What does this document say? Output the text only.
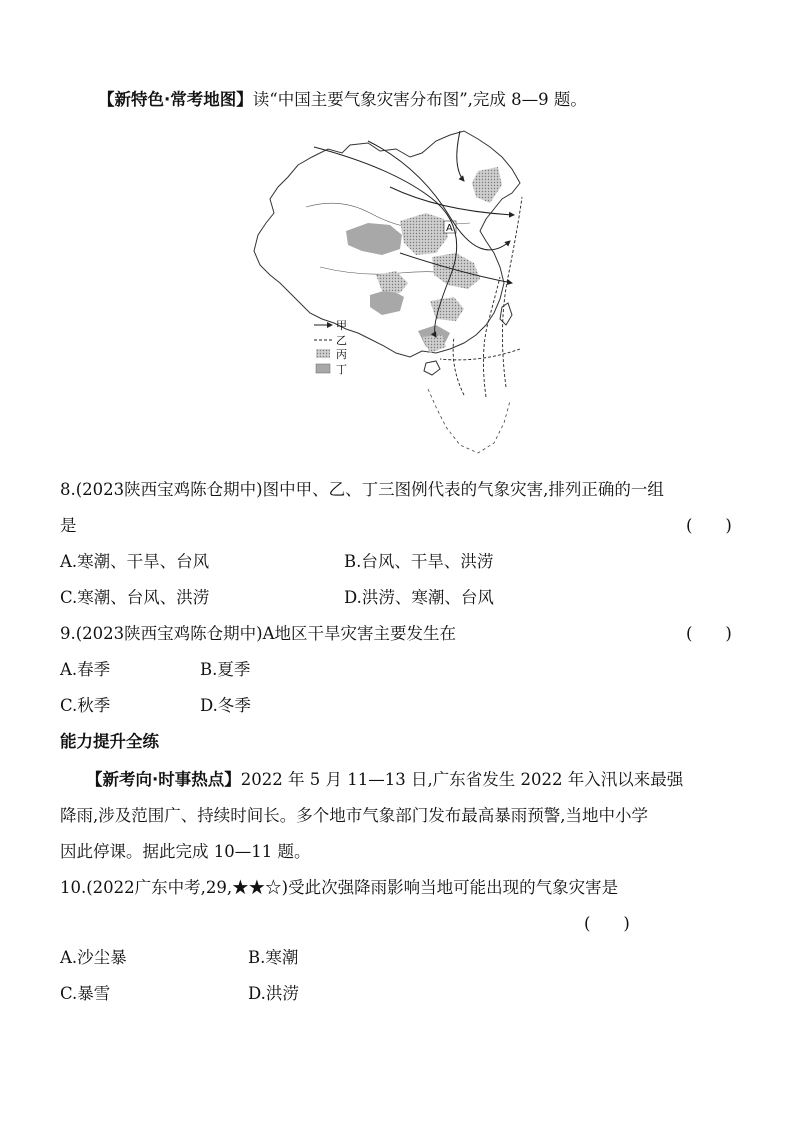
【新特色·常考地图】读“中国主要气象灾害分布图”,完成 8—9 题。
A
甲
乙
丙
丁
8.(2023陕西宝鸡陈仓期中)图中甲、乙、丁三图例代表的气象灾害,排列正确的一组
是	(　　)
A.寒潮、干旱、台风	B.台风、干旱、洪涝
C.寒潮、台风、洪涝	D.洪涝、寒潮、台风
9.(2023陕西宝鸡陈仓期中)A地区干旱灾害主要发生在	(　　)
A.春季	B.夏季
C.秋季	D.冬季
能力提升全练
【新考向·时事热点】2022 年 5 月 11—13 日,广东省发生 2022 年入汛以来最强
降雨,涉及范围广、持续时间长。多个地市气象部门发布最高暴雨预警,当地中小学
因此停课。据此完成 10—11 题。
10.(2022广东中考,29,★★☆)受此次强降雨影响当地可能出现的气象灾害是
(　　)
A.沙尘暴	B.寒潮
C.暴雪	D.洪涝
